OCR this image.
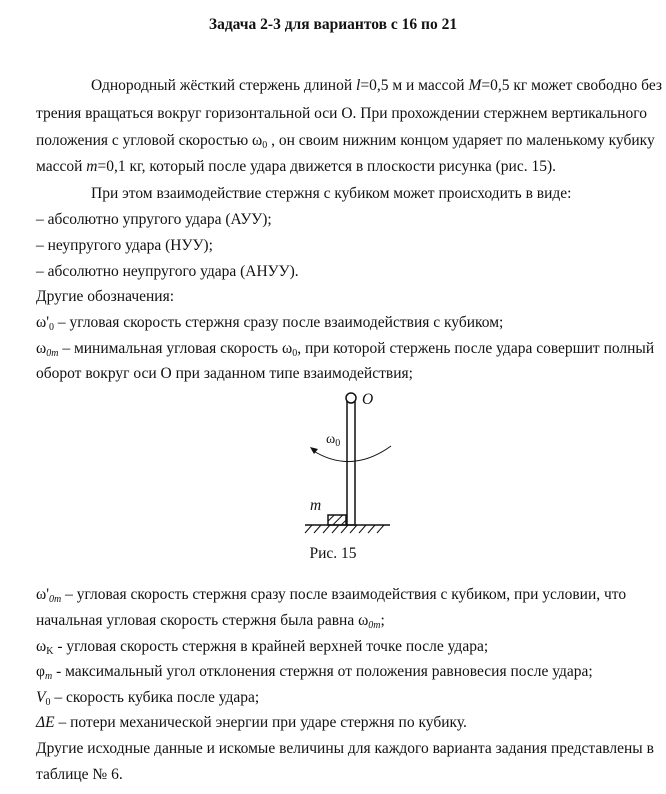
Задача 2-3 для вариантов с 16 по 21
Однородный жёсткий стержень длиной l=0,5 м и массой M=0,5 кг может свободно без
трения вращаться вокруг горизонтальной оси О. При прохождении стержнем вертикального
положения с угловой скоростью $\omega_0$ , он своим нижним концом ударяет по маленькому кубику
массой m=0,1 кг, который после удара движется в плоскости рисунка (рис. 15).
При этом взаимодействие стержня с кубиком может происходить в виде:
– абсолютно упругого удара (АУУ);
– неупругого удара (НУУ);
– абсолютно неупругого удара (АНУУ).
Другие обозначения:
$\omega'_0$ – угловая скорость стержня сразу после взаимодействия с кубиком;
$\omega_{0m}$ – минимальная угловая скорость $\omega_0$, при которой стержень после удара совершит полный
оборот вокруг оси О при заданном типе взаимодействия;
O
$\omega_0$
m
Рис. 15
$\omega'_{0m}$ – угловая скорость стержня сразу после взаимодействия с кубиком, при условии, что
начальная угловая скорость стержня была равна $\omega_{0m}$;
$\omega_K$ - угловая скорость стержня в крайней верхней точке после удара;
$\varphi_m$ - максимальный угол отклонения стержня от положения равновесия после удара;
$V_0$ – скорость кубика после удара;
ΔE – потери механической энергии при ударе стержня по кубику.
Другие исходные данные и искомые величины для каждого варианта задания представлены в
таблице № 6.
